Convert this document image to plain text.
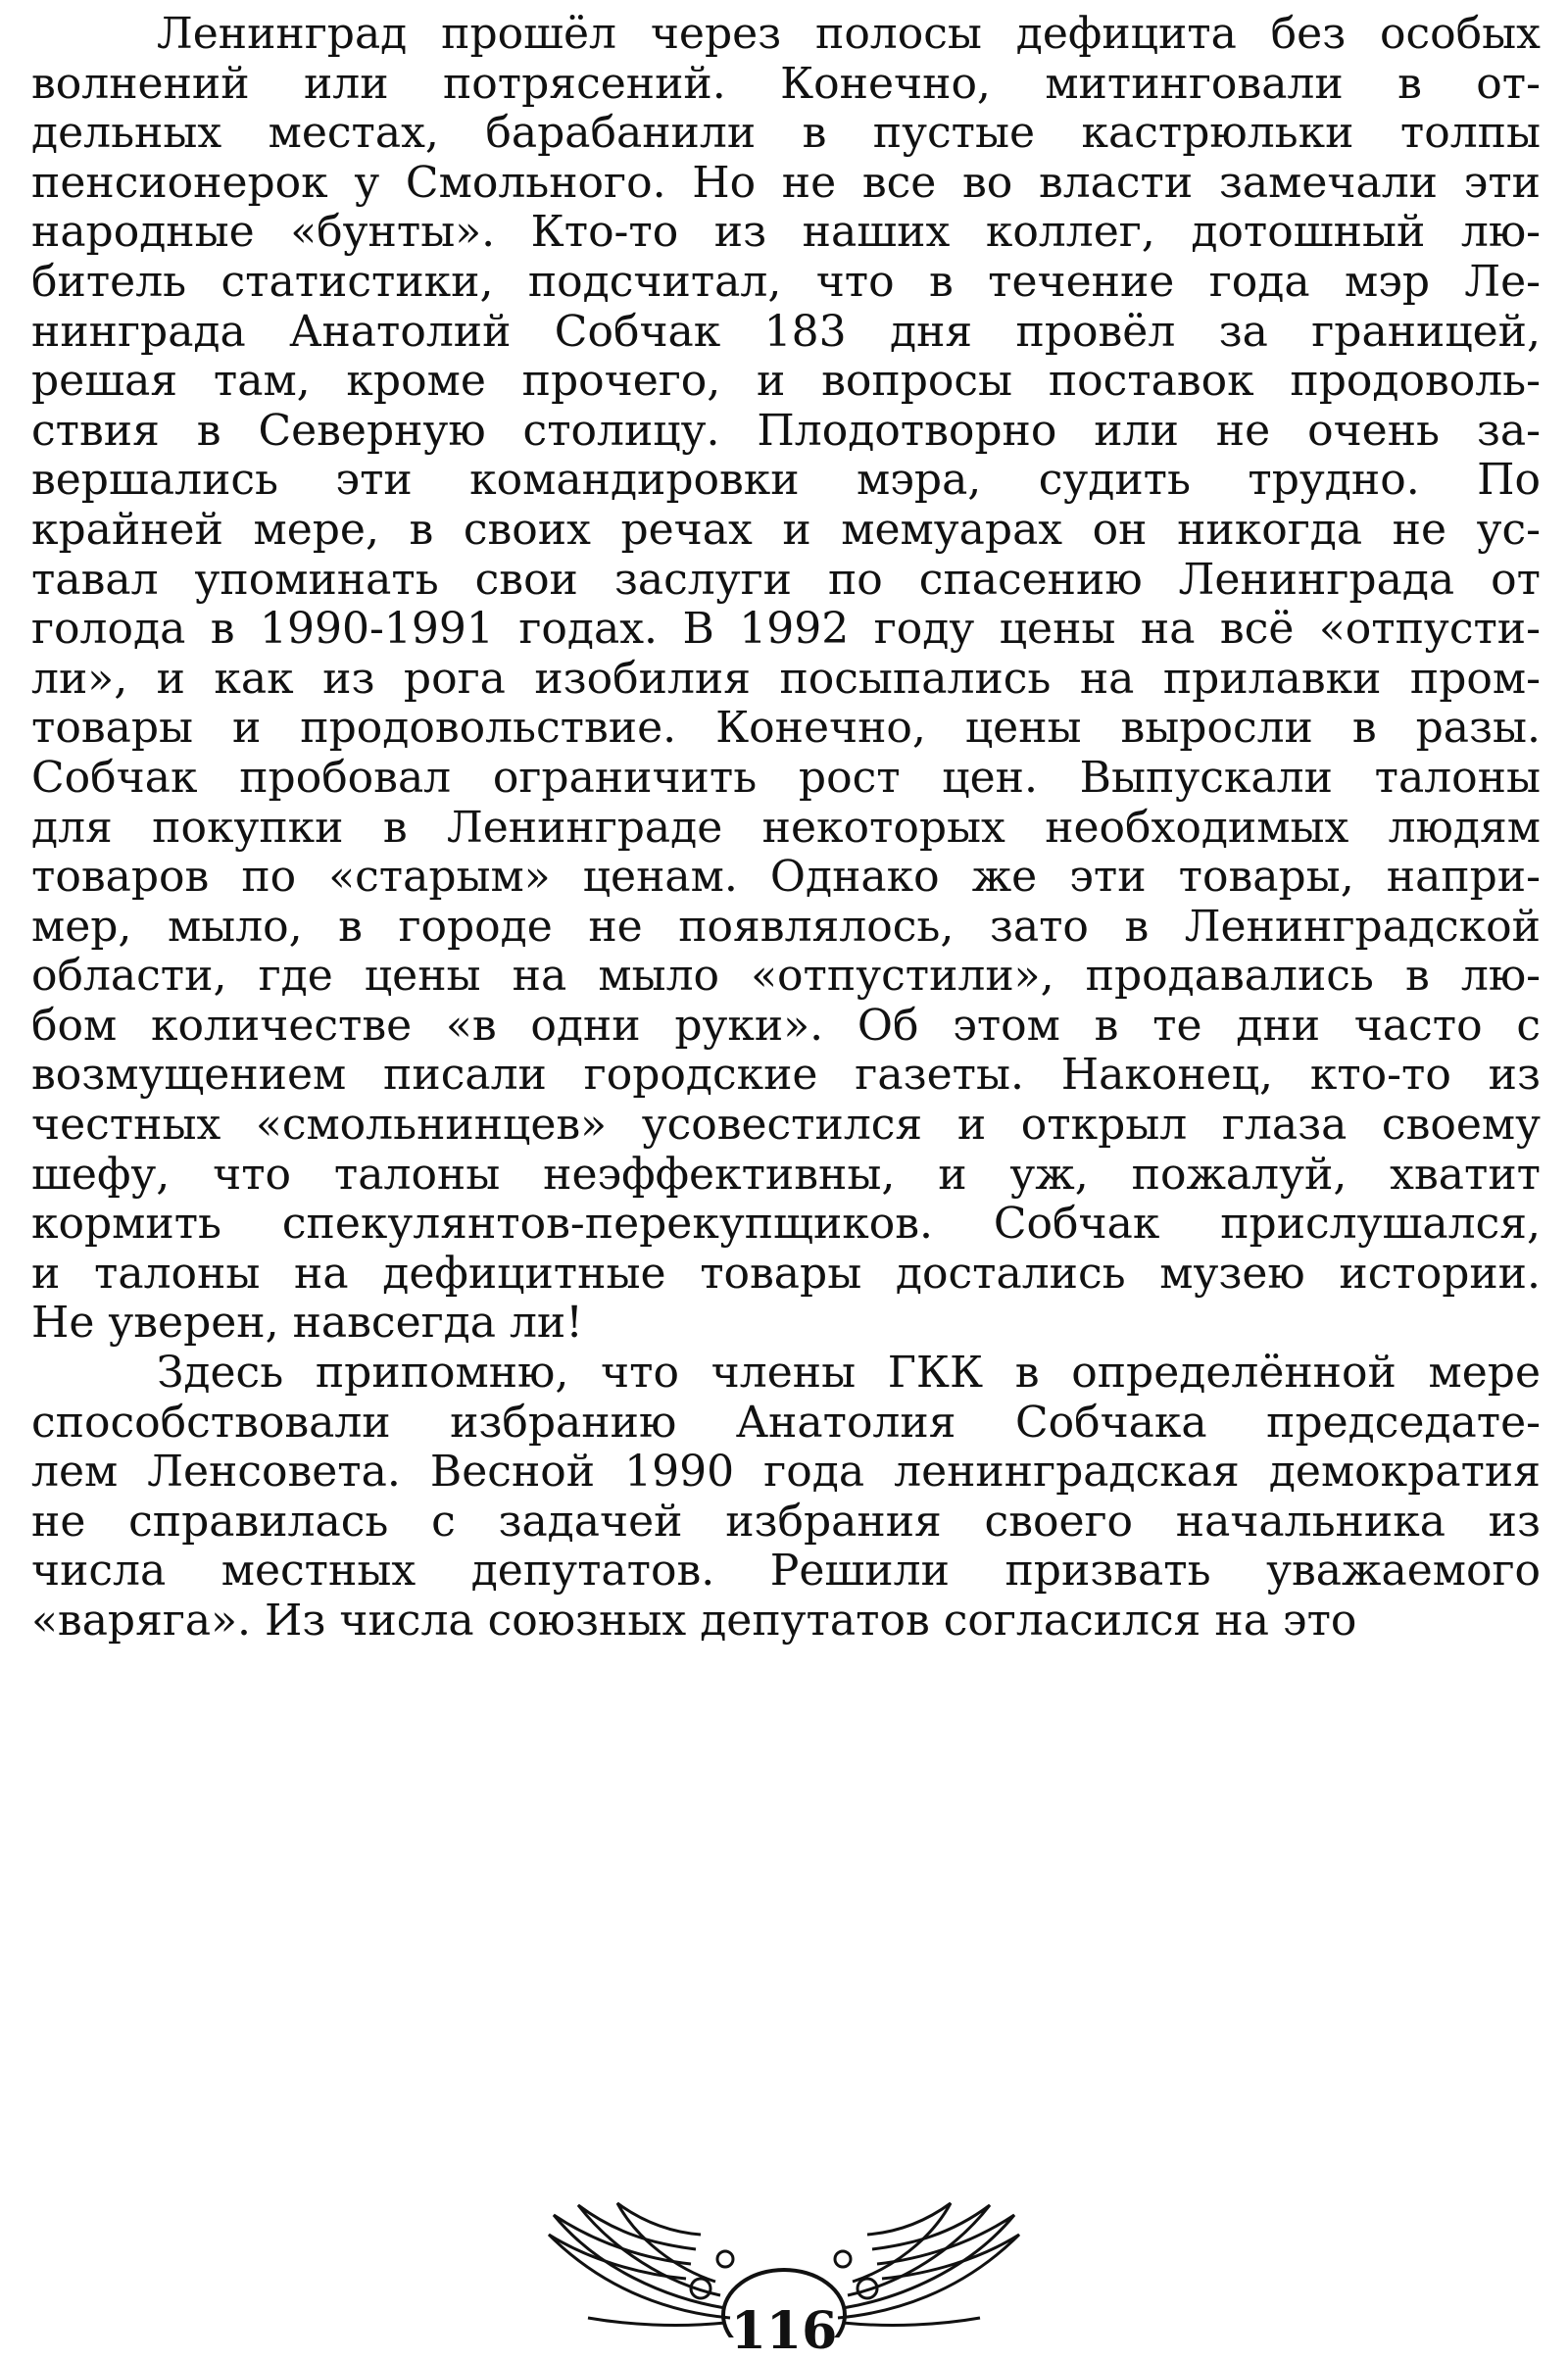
Ленинград прошёл через полосы дефицита без особых
волнений или потрясений. Конечно, митинговали в от-
дельных местах, барабанили в пустые кастрюльки толпы
пенсионерок у Смольного. Но не все во власти замечали эти
народные «бунты». Кто-то из наших коллег, дотошный лю-
битель статистики, подсчитал, что в течение года мэр Ле-
нинграда Анатолий Собчак 183 дня провёл за границей,
решая там, кроме прочего, и вопросы поставок продоволь-
ствия в Северную столицу. Плодотворно или не очень за-
вершались эти командировки мэра, судить трудно. По
крайней мере, в своих речах и мемуарах он никогда не ус-
тавал упоминать свои заслуги по спасению Ленинграда от
голода в 1990-1991 годах. В 1992 году цены на всё «отпусти-
ли», и как из рога изобилия посыпались на прилавки пром-
товары и продовольствие. Конечно, цены выросли в разы.
Собчак пробовал ограничить рост цен. Выпускали талоны
для покупки в Ленинграде некоторых необходимых людям
товаров по «старым» ценам. Однако же эти товары, напри-
мер, мыло, в городе не появлялось, зато в Ленинградской
области, где цены на мыло «отпустили», продавались в лю-
бом количестве «в одни руки». Об этом в те дни часто с
возмущением писали городские газеты. Наконец, кто-то из
честных «смольнинцев» усовестился и открыл глаза своему
шефу, что талоны неэффективны, и уж, пожалуй, хватит
кормить спекулянтов-перекупщиков. Собчак прислушался,
и талоны на дефицитные товары достались музею истории.
Не уверен, навсегда ли!
Здесь припомню, что члены ГКК в определённой мере
способствовали избранию Анатолия Собчака председате-
лем Ленсовета. Весной 1990 года ленинградская демократия
не справилась с задачей избрания своего начальника из
числа местных депутатов. Решили призвать уважаемого
«варяга». Из числа союзных депутатов согласился на это
116
